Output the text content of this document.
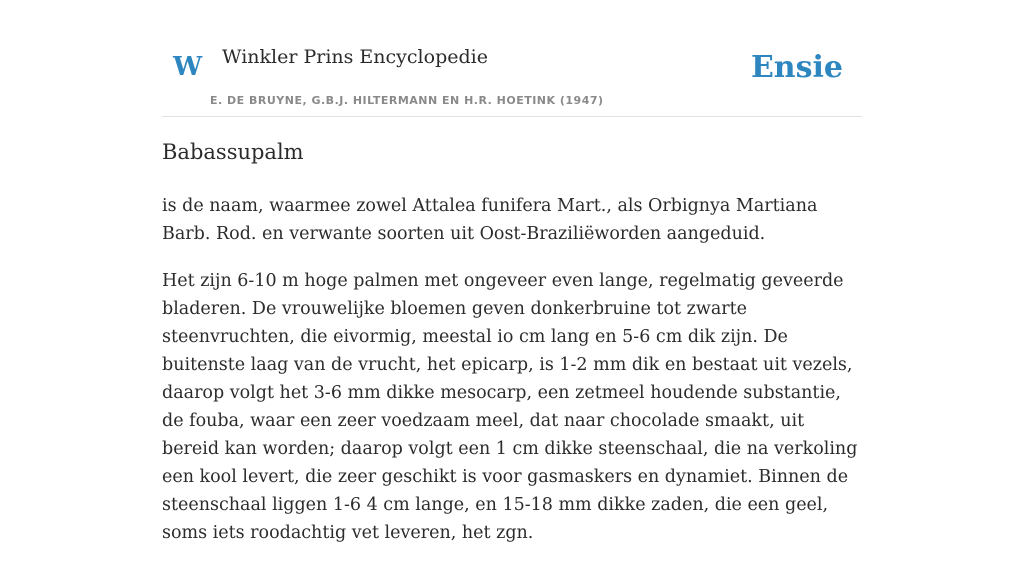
W Winkler Prins Encyclopedie
E. DE BRUYNE, G.B.J. HILTERMANN EN H.R. HOETINK (1947)
Ensie
Babassupalm

is de naam, waarmee zowel Attalea funifera Mart., als Orbignya Martiana Barb. Rod. en verwante soorten uit Oost-Braziliëworden aangeduid.

Het zijn 6-10 m hoge palmen met ongeveer even lange, regelmatig geveerde bladeren. De vrouwelijke bloemen geven donkerbruine tot zwarte steenvruchten, die eivormig, meestal io cm lang en 5-6 cm dik zijn. De buitenste laag van de vrucht, het epicarp, is 1-2 mm dik en bestaat uit vezels, daarop volgt het 3-6 mm dikke mesocarp, een zetmeel houdende substantie, de fouba, waar een zeer voedzaam meel, dat naar chocolade smaakt, uit bereid kan worden; daarop volgt een 1 cm dikke steenschaal, die na verkoling een kool levert, die zeer geschikt is voor gasmaskers en dynamiet. Binnen de steenschaal liggen 1-6 4 cm lange, en 15-18 mm dikke zaden, die een geel, soms iets roodachtig vet leveren, het zgn.
